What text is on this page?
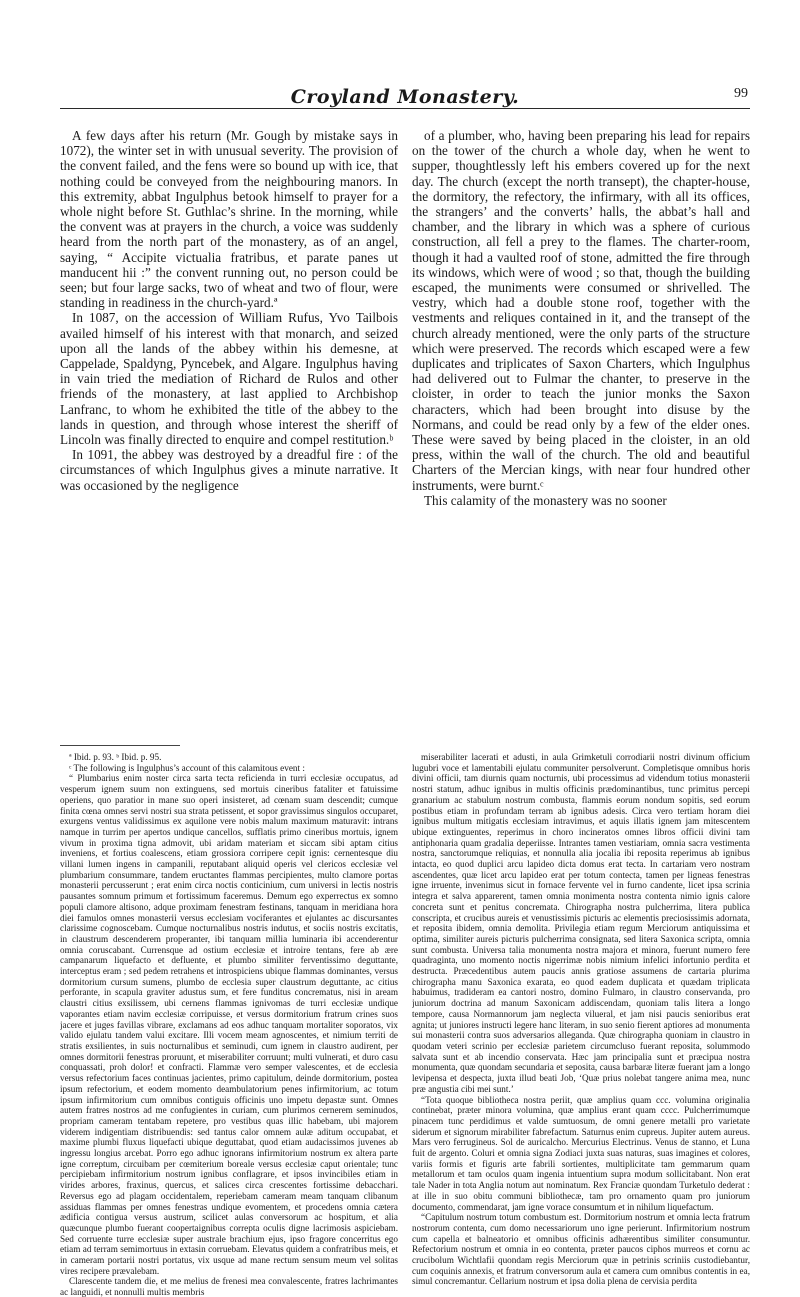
Croyland Monastery.	99

A few days after his return (Mr. Gough by mistake says in 1072), the winter set in with unusual severity. The provision of the convent failed, and the fens were so bound up with ice, that nothing could be conveyed from the neighbouring manors. In this extremity, abbat Ingulphus betook himself to prayer for a whole night before St. Guthlac’s shrine. In the morning, while the convent was at prayers in the church, a voice was suddenly heard from the north part of the monastery, as of an angel, saying, “ Accipite victualia fratribus, et parate panes ut manducent hii :” the convent running out, no person could be seen; but four large sacks, two of wheat and two of flour, were standing in readiness in the church-yard.ª

In 1087, on the accession of William Rufus, Yvo Tailbois availed himself of his interest with that monarch, and seized upon all the lands of the abbey within his demesne, at Cappelade, Spaldyng, Pyncebek, and Algare. Ingulphus having in vain tried the mediation of Richard de Rulos and other friends of the monastery, at last applied to Archbishop Lanfranc, to whom he exhibited the title of the abbey to the lands in question, and through whose interest the sheriff of Lincoln was finally directed to enquire and compel restitution.ᵇ

In 1091, the abbey was destroyed by a dreadful fire : of the circumstances of which Ingulphus gives a minute narrative. It was occasioned by the negligence

of a plumber, who, having been preparing his lead for repairs on the tower of the church a whole day, when he went to supper, thoughtlessly left his embers covered up for the next day. The church (except the north transept), the chapter-house, the dormitory, the refectory, the infirmary, with all its offices, the strangers’ and the converts’ halls, the abbat’s hall and chamber, and the library in which was a sphere of curious construction, all fell a prey to the flames. The charter-room, though it had a vaulted roof of stone, admitted the fire through its windows, which were of wood ; so that, though the building escaped, the muniments were consumed or shrivelled. The vestry, which had a double stone roof, together with the vestments and reliques contained in it, and the transept of the church already mentioned, were the only parts of the structure which were preserved. The records which escaped were a few duplicates and triplicates of Saxon Charters, which Ingulphus had delivered out to Fulmar the chanter, to preserve in the cloister, in order to teach the junior monks the Saxon characters, which had been brought into disuse by the Normans, and could be read only by a few of the elder ones. These were saved by being placed in the cloister, in an old press, within the wall of the church. The old and beautiful Charters of the Mercian kings, with near four hundred other instruments, were burnt.ᶜ

This calamity of the monastery was no sooner

ª Ibid. p. 93. ᵇ Ibid. p. 95.

ᶜ The following is Ingulphus’s account of this calamitous event :

“ Plumbarius enim noster circa sarta tecta reficienda in turri ecclesiæ occupatus, ad vesperum ignem suum non extinguens, sed mortuis cineribus fataliter et fatuissime operiens, quo paratior in mane suo operi insisteret, ad cœnam suam descendit; cumque finita cœna omnes servi nostri sua strata petissent, et sopor gravissimus singulos occuparet, exurgens ventus validissimus ex aquilone vere nobis malum maximum maturavit: intrans namque in turrim per apertos undique cancellos, sufflatis primo cineribus mortuis, ignem vivum in proxima tigna admovit, ubi aridam materiam et siccam sibi aptam citius inveniens, et fortius coalescens, etiam grossiora corripere cepit ignis: cernentesque diu villani lumen ingens in campanili, reputabant aliquid operis vel clericos ecclesiæ vel plumbarium consummare, tandem eructantes flammas percipientes, multo clamore portas monasterii percusserunt ; erat enim circa noctis conticinium, cum universi in lectis nostris pausantes somnum primum et fortissimum faceremus. Demum ego experrectus ex somno populi clamore altisono, adque proximam fenestram festinans, tanquam in meridiana hora diei famulos omnes monasterii versus ecclesiam vociferantes et ejulantes ac discursantes clarissime cognoscebam. Cumque nocturnalibus nostris indutus, et sociis nostris excitatis, in claustrum descenderem properanter, ibi tanquam millia luminaria ibi accenderentur omnia coruscabant. Currensque ad ostium ecclesiæ et introire tentans, fere ab ære campanarum liquefacto et defluente, et plumbo similiter ferventissimo deguttante, interceptus eram ; sed pedem retrahens et introspiciens ubique flammas dominantes, versus dormitorium cursum sumens, plumbo de ecclesia super claustrum deguttante, ac citius perforante, in scapula graviter adustus sum, et fere funditus concrematus, nisi in aream claustri citius exsilissem, ubi cernens flammas ignivomas de turri ecclesiæ undique vaporantes etiam navim ecclesiæ corripuisse, et versus dormitorium fratrum crines suos jacere et juges favillas vibrare, exclamans ad eos adhuc tanquam mortaliter soporatos, vix valido ejulatu tandem valui excitare. Illi vocem meam agnoscentes, et nimium territi de stratis exsilientes, in suis nocturnalibus et seminudi, cum ignem in claustro audirent, per omnes dormitorii fenestras proruunt, et miserabiliter corruunt; multi vulnerati, et duro casu conquassati, proh dolor! et confracti. Flammæ vero semper valescentes, et de ecclesia versus refectorium faces continuas jacientes, primo capitulum, deinde dormitorium, postea ipsum refectorium, et eodem momento deambulatorium penes infirmitorium, ac totum ipsum infirmitorium cum omnibus contiguis officinis uno impetu depastæ sunt. Omnes autem fratres nostros ad me confugientes in curiam, cum plurimos cernerem seminudos, propriam cameram tentabam repetere, pro vestibus quas illic habebam, ubi majorem viderem indigentiam distribuendis: sed tantus calor omnem aulæ aditum occupabat, et maxime plumbi fluxus liquefacti ubique deguttabat, quod etiam audacissimos juvenes ab ingressu longius arcebat. Porro ego adhuc ignorans infirmitorium nostrum ex altera parte igne correptum, circuibam per cœmiterium boreale versus ecclesiæ caput orientale; tunc percipiebam infirmitorium nostrum ignibus conflagrare, et ipsos invincibiles etiam in virides arbores, fraxinus, quercus, et salices circa crescentes fortissime debacchari. Reversus ego ad plagam occidentalem, reperiebam cameram meam tanquam clibanum assiduas flammas per omnes fenestras undique evomentem, et procedens omnia cætera ædificia contigua versus austrum, scilicet aulas conversorum ac hospitum, et alia quæcunque plumbo fuerant coopertaignibus correpta oculis digne lacrimosis aspiciebam. Sed corruente turre ecclesiæ super australe brachium ejus, ipso fragore concerritus ego etiam ad terram semimortuus in extasin corruebam. Elevatus quidem a confratribus meis, et in cameram portarii nostri portatus, vix usque ad mane rectum sensum meum vel solitas vires recipere prævalebam.

Clarescente tandem die, et me melius de frenesi mea convalescente, fratres lachrimantes ac languidi, et nonnulli multis membris

miserabiliter lacerati et adusti, in aula Grimketuli corrodiarii nostri divinum officium lugubri voce et lamentabili ejulatu communiter persolverunt. Completisque omnibus horis divini officii, tam diurnis quam nocturnis, ubi processimus ad videndum totius monasterii nostri statum, adhuc ignibus in multis officinis prædominantibus, tunc primitus percepi granarium ac stabulum nostrum combusta, flammis eorum nondum sopitis, sed eorum postibus etiam in profundam terram ab ignibus adesis. Circa vero tertiam horam diei ignibus multum mitigatis ecclesiam intravimus, et aquis illatis ignem jam mitescentem ubique extinguentes, reperimus in choro incineratos omnes libros officii divini tam antiphonaria quam gradalia deperiisse. Intrantes tamen vestiariam, omnia sacra vestimenta nostra, sanctorumque reliquias, et nonnulla alia jocalia ibi reposita reperimus ab ignibus intacta, eo quod duplici arcu lapideo dicta domus erat tecta. In cartariam vero nostram ascendentes, quæ licet arcu lapideo erat per totum contecta, tamen per ligneas fenestras igne irruente, invenimus sicut in fornace fervente vel in furno candente, licet ipsa scrinia integra et salva apparerent, tamen omnia monimenta nostra contenta nimio ignis calore concreta sunt et penitus concremata. Chirographa nostra pulcherrima, litera publica conscripta, et crucibus aureis et venustissimis picturis ac elementis preciosissimis adornata, et reposita ibidem, omnia demolita. Privilegia etiam regum Merciorum antiquissima et optima, similiter aureis picturis pulcherrima consignata, sed litera Saxonica scripta, omnia sunt combusta. Universa talia monumenta nostra majora et minora, fuerunt numero fere quadraginta, uno momento noctis nigerrimæ nobis nimium infelici infortunio perdita et destructa. Præcedentibus autem paucis annis gratiose assumens de cartaria plurima chirographa manu Saxonica exarata, eo quod eadem duplicata et quædam triplicata habuimus, tradideram ea cantori nostro, domino Fulmaro, in claustro conservanda, pro juniorum doctrina ad manum Saxonicam addiscendam, quoniam talis litera a longo tempore, causa Normannorum jam neglecta vilueral, et jam nisi paucis senioribus erat agnita; ut juniores instructi legere hanc literam, in suo senio fierent aptiores ad monumenta sui monasterii contra suos adversarios alleganda. Quæ chirographa quoniam in claustro in quodam veteri scrinio per ecclesiæ parietem circumcluso fuerant reposita, solummodo salvata sunt et ab incendio conservata. Hæc jam principalia sunt et præcipua nostra monumenta, quæ quondam secundaria et seposita, causa barbaræ literæ fuerant jam a longo levipensa et despecta, juxta illud beati Job, ‘Quæ prius nolebat tangere anima mea, nunc præ angustia cibi mei sunt.’

“Tota quoque bibliotheca nostra periit, quæ amplius quam ccc. volumina originalia continebat, præter minora volumina, quæ amplius erant quam cccc. Pulcherrimumque pinacem tunc perdidimus et valde sumtuosum, de omni genere metalli pro varietate siderum et signorum mirabiliter fabrefactum. Saturnus enim cupreus. Jupiter autem aureus. Mars vero ferrugineus. Sol de auricalcho. Mercurius Electrinus. Venus de stanno, et Luna fuit de argento. Coluri et omnia signa Zodiaci juxta suas naturas, suas imagines et colores, variis formis et figuris arte fabrili sortientes, multiplicitate tam gemmarum quam metallorum et tam oculos quam ingenia intuentium supra modum sollicitabant. Non erat tale Nader in tota Anglia notum aut nominatum. Rex Franciæ quondam Turketulo dederat : at ille in suo obitu communi bibliothecæ, tam pro ornamento quam pro juniorum documento, commendarat, jam igne vorace consumtum et in nihilum liquefactum.

“Capitulum nostrum totum combustum est. Dormitorium nostrum et omnia lecta fratrum nostrorum contenta, cum domo necessariorum uno igne perierunt. Infirmitorium nostrum cum capella et balneatorio et omnibus officinis adhærentibus similiter consumuntur. Refectorium nostrum et omnia in eo contenta, præter paucos ciphos murreos et cornu ac crucibolum Wichtlafii quondam regis Merciorum quæ in petrinis scriniis custodiebantur, cum coquinis annexis, et fratrum conversorum aula et camera cum omnibus contentis in ea, simul concremantur. Cellarium nostrum et ipsa dolia plena de cervisia perdita
